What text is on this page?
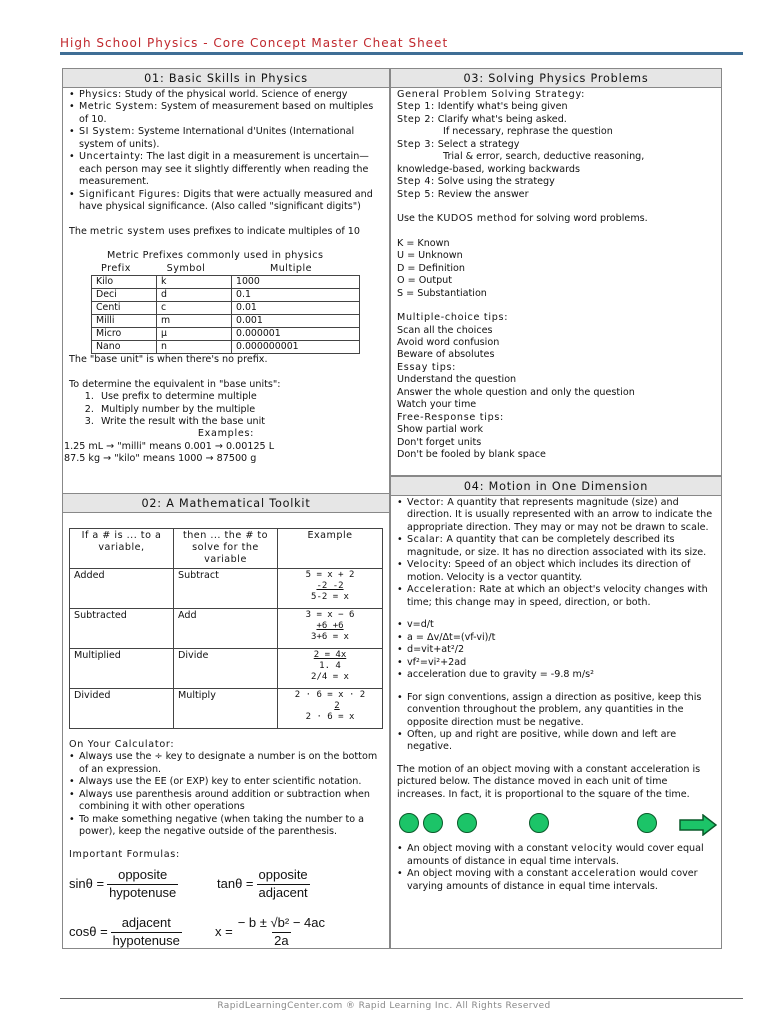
High School Physics - Core Concept Master Cheat Sheet
01: Basic Skills in Physics
• Physics: Study of the physical world. Science of energy
• Metric System: System of measurement based on multiples of 10.
• SI System: Systeme International d'Unites (International system of units).
• Uncertainty: The last digit in a measurement is uncertain—each person may see it slightly differently when reading the measurement.
• Significant Figures: Digits that were actually measured and have physical significance. (Also called "significant digits")
The metric system uses prefixes to indicate multiples of 10
Metric Prefixes commonly used in physics
Prefix	Symbol	Multiple
Kilo	k	1000
Deci	d	0.1
Centi	c	0.01
Milli	m	0.001
Micro	µ	0.000001
Nano	n	0.000000001
The "base unit" is when there's no prefix.
To determine the equivalent in "base units":
1. Use prefix to determine multiple
2. Multiply number by the multiple
3. Write the result with the base unit
Examples:
1.25 mL → "milli" means 0.001 → 0.00125 L
87.5 kg → "kilo" means 1000 → 87500 g
02: A Mathematical Toolkit
If a # is ... to a variable,	then ... the # to solve for the variable	Example
Added	Subtract	5 = x + 2
-2 -2
5-2 = x

Subtracted	Add	3 = x − 6
+6 +6
3+6 = x

Multiplied	Divide	2 = 4x
1. 4
2/4 = x

Divided	Multiply	2 · 6 = x · 2
2
2 · 6 = x
On Your Calculator:
• Always use the ÷ key to designate a number is on the bottom of an expression.
• Always use the EE (or EXP) key to enter scientific notation.
• Always use parenthesis around addition or subtraction when combining it with other operations
• To make something negative (when taking the number to a power), keep the negative outside of the parenthesis.
Important Formulas:
$\sin\theta = \frac{\text{opposite}}{\text{hypotenuse}}$	$\tan\theta = \frac{\text{opposite}}{\text{adjacent}}$
$\cos\theta = \frac{\text{adjacent}}{\text{hypotenuse}}$	$x = \frac{\text{− b ± √b² − 4ac}}{2a}$
03: Solving Physics Problems
General Problem Solving Strategy:
Step 1: Identify what's being given
Step 2: Clarify what's being asked.
If necessary, rephrase the question
Step 3: Select a strategy
Trial & error, search, deductive reasoning,
knowledge-based, working backwards
Step 4: Solve using the strategy
Step 5: Review the answer
Use the KUDOS method for solving word problems.
K = Known
U = Unknown
D = Definition
O = Output
S = Substantiation
Multiple-choice tips:
Scan all the choices
Avoid word confusion
Beware of absolutes
Essay tips:
Understand the question
Answer the whole question and only the question
Watch your time
Free-Response tips:
Show partial work
Don't forget units
Don't be fooled by blank space
04: Motion in One Dimension
• Vector: A quantity that represents magnitude (size) and direction. It is usually represented with an arrow to indicate the appropriate direction. They may or may not be drawn to scale.
• Scalar: A quantity that can be completely described its magnitude, or size. It has no direction associated with its size.
• Velocity: Speed of an object which includes its direction of motion. Velocity is a vector quantity.
• Acceleration: Rate at which an object's velocity changes with time; this change may in speed, direction, or both.
• v=d/t
• a = Δv/Δt=(vf-vi)/t
• d=vit+at²/2
• vf²=vi²+2ad
• acceleration due to gravity = -9.8 m/s²
• For sign conventions, assign a direction as positive, keep this convention throughout the problem, any quantities in the opposite direction must be negative.
• Often, up and right are positive, while down and left are negative.
The motion of an object moving with a constant acceleration is pictured below. The distance moved in each unit of time increases. In fact, it is proportional to the square of the time.
• An object moving with a constant velocity would cover equal amounts of distance in equal time intervals.
• An object moving with a constant acceleration would cover varying amounts of distance in equal time intervals.
RapidLearningCenter.com ® Rapid Learning Inc. All Rights Reserved
